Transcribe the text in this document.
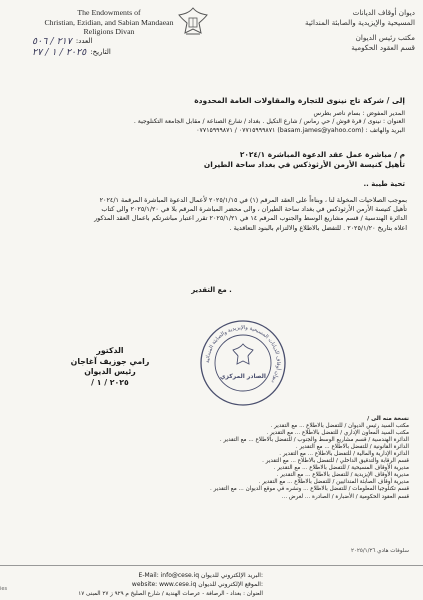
The Endowments of
Christian, Ezidian, and Sabian Mandaean
Religions Divan
ديوان أوقاف الديانات
المسيحية والإيزيدية والصابئة المندائية
مكتب رئيس الديوان
قسم العقود الحكومية
العدد:
٢١٧ / ٥٠٦
التاريخ:
٢٠٢٥ / ١ / ٢٧
إلى / شركة تاج نينوى للتجارة والمقاولات العامة المحدودة
المدير المفوض : بسام ناصر بطرس
العنوان : نينوى / قرة قوش / حي رماس / شارع التكيل . بغداد / شارع الصناعة / مقابل الجامعة التكنلوجية .
البريد والهاتف : (basam.james@yahoo.com) ٠٧٧١٥٩٩٩٨٧١ / ٠٧٧١٥٩٩٩٨٧١
م / مباشرة عمل عقد الدعوة المباشرة ٢٠٢٤/١
تأهيل كنيسة الأرمن الأرثوذكس في بغداد ساحة الطيران
تحية طيبة ..
بموجب الصلاحيات المخولة لنا ، وبناءاً على العقد المرقم (١) في ٢٠٢٥/١/١٥ لأعمال الدعوة المباشرة المرقمة ٢٠٢٤/١
تأهيل كنيسة الأرمن الأرثوذكس في بغداد ساحة الطيران ، والى محضر المباشرة المرقم بلا في ٢٠٢٥/١/٢٠ والى كتاب
الدائرة الهندسية / قسم مشاريع الوسط والجنوب المرقم ١٤ في ٢٠٢٥/١/٢١ تقرر اعتبار مباشرتكم باعمال العقد المذكور
اعلاه بتاريخ ٢٠٢٥/١/٢٠ . للتفضل بالاطلاع والالتزام بالبنود التعاقدية .
مع التقدير .
ديوان أوقاف الديانات المسيحية والإيزيدية والصابئة المندائية
الصادر المركزي
الدكتور
رامي جوزيف آغاجان
رئيس الديوان
٢٠٢٥ / ١ /
نسخة منه الى /
مكتب السيد رئيس الديوان / للتفضل بالاطلاع ... مع التقدير .
مكتب السيد المعاون الإداري / للتفضل بالاطلاع ... مع التقدير .
الدائرة الهندسية / قسم مشاريع الوسط والجنوب / للتفضل بالاطلاع ... مع التقدير .
الدائرة القانونية / للتفضل بالاطلاع ... مع التقدير .
الدائرة الإدارية والمالية / للتفضل بالاطلاع ... مع التقدير .
قسم الرقابة والتدقيق الداخلي / للتفضل بالاطلاع ... مع التقدير .
مديرية الأوقاف المسيحية / للتفضل بالاطلاع ... مع التقدير .
مديرية الأوقاف الإيزيدية / للتفضل بالاطلاع ... مع التقدير .
مديرية أوقاف الصابئة المندائيين / للتفضل بالاطلاع ... مع التقدير .
قسم تكنلوجيا المعلومات / للتفضل بالاطلاع ... ونشره في موقع الديوان ... مع التقدير .
قسم العقود الحكومية / الأضبارة / الصادرة ... لغرض ...
سلوفات هادي ٢٠٢٥/١/٢٦
E-Mail: info@cese.iq البريد الإلكتروني للديوان:
website: www.cese.iq الموقع الإلكتروني للديوان:
العنوان : بغداد - الرصافة - عرصات الهندية / شارع الصليخ م ٩٢٩ ز ٢٧ المبنى ١٧
ies
